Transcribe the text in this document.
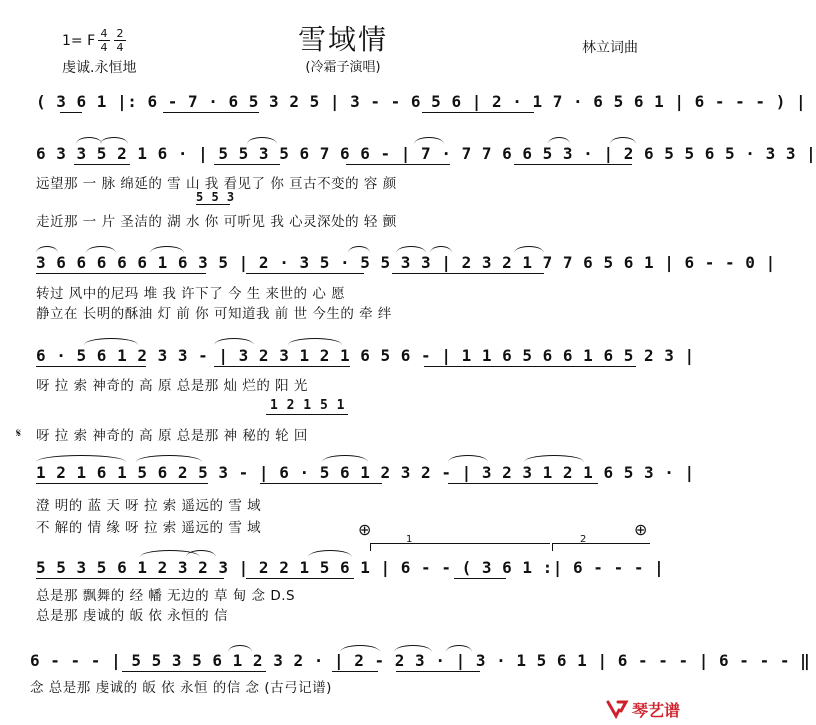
雪域情
(冷霜子演唱)
1= F 4
4
2
4
虔诚.永恒地
林立词曲
( 3 6 1 |: 6 - 7 · 6 5 3 2 5 | 3 - - 6 5 6 | 2 · 1 7 · 6 5 6 1 | 6 - - - ) |
6 3 3 5 2 1 6 · | 5 5 3 5 6 7 6 6 - | 7 · 7 7 6 6 5 3 · | 2 6 5 5 6 5 · 3 3 |
远望那 一 脉 绵延的 雪 山 我 看见了 你 亘古不变的 容 颜
5 5 3
走近那 一 片 圣洁的 湖 水 你 可听见 我 心灵深处的 轻 颤
3 6 6 6 6 6 1 6 3 5 | 2 · 3 5 · 5 5 3 3 | 2 3 2 1 7 7 6 5 6 1 | 6 - - 0 |
转过 风中的尼玛 堆 我 许下了 今 生 来世的 心 愿
静立在 长明的酥油 灯 前 你 可知道我 前 世 今生的 牵 绊
6 · 5 6 1 2 3 3 - | 3 2 3 1 2 1 6 5 6 - | 1 1 6 5 6 6 1 6 5 2 3 |
呀 拉 索 神奇的 高 原 总是那 灿 烂的 阳 光
1 2 1 5 1
𝄋 呀 拉 索 神奇的 高 原 总是那 神 秘的 轮 回
1 2 1 6 1 5 6 2 5 3 - | 6 · 5 6 1 2 3 2 - | 3 2 3 1 2 1 6 5 3 · |
澄 明的 蓝 天 呀 拉 索 遥远的 雪 域
不 解的 情 缘 呀 拉 索 遥远的 雪 域	⊕	⊕
1	2
5 5 3 5 6 1 2 3 2 3 | 2 2 1 5 6 1 | 6 - - ( 3 6 1 :| 6 - - - |
总是那 飘舞的 经 幡 无边的 草 甸 念 D.S
总是那 虔诚的 皈 依 永恒的 信
6 - - - | 5 5 3 5 6 1 2 3 2 · | 2 - 2 3 · | 3 · 1 5 6 1 | 6 - - - | 6 - - - ‖
念 总是那 虔诚的 皈 依 永恒 的信 念 (古弓记谱)
琴艺谱
